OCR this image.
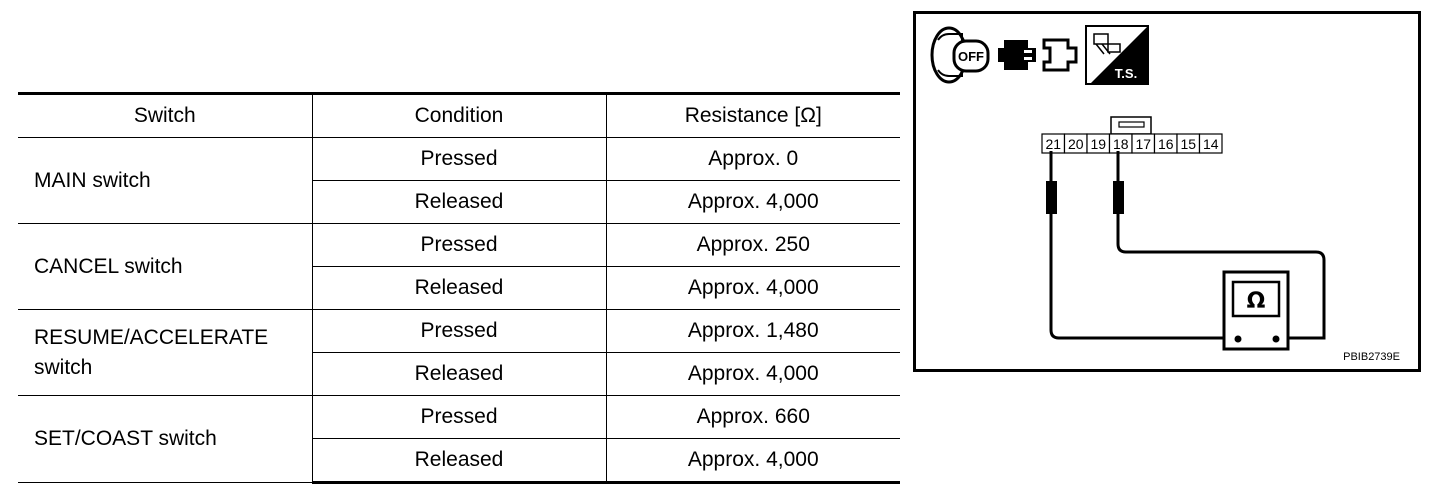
Switch	Condition	Resistance [Ω]
MAIN switch	Pressed	Approx. 0
	Released	Approx. 4,000
CANCEL switch	Pressed	Approx. 250
	Released	Approx. 4,000
RESUME/ACCELERATE
switch	Pressed	Approx. 1,480
	Released	Approx. 4,000
SET/COAST switch	Pressed	Approx. 660
	Released	Approx. 4,000
OFF
T.S.
21 20 19 18 17 16 15 14
Ω
PBIB2739E
